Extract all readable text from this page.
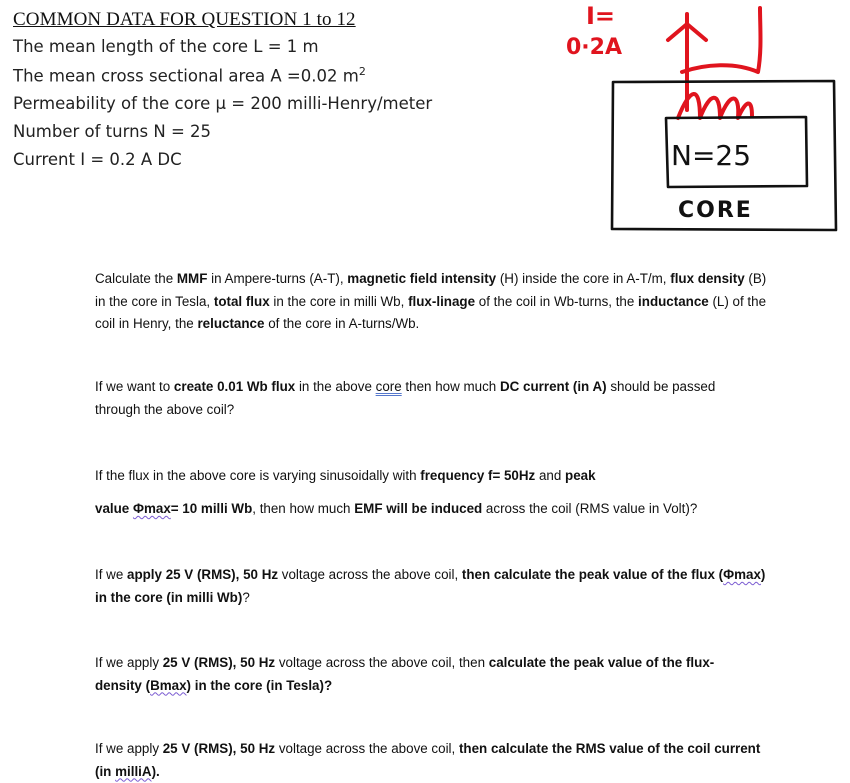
COMMON DATA FOR QUESTION 1 to 12
The mean length of the core L = 1 m
The mean cross sectional area A =0.02 $m^2$
Permeability of the core μ = 200 milli-Henry/meter
Number of turns N = 25
Current I = 0.2 A DC
I=
0·2A
N=25
CORE
Calculate the MMF in Ampere-turns (A-T), magnetic field intensity (H) inside the core in A-T/m, flux density (B) in the core in Tesla, total flux in the core in milli Wb, flux-linage of the coil in Wb-turns, the inductance (L) of the coil in Henry, the reluctance of the core in A-turns/Wb.
If we want to create 0.01 Wb flux in the above core then how much DC current (in A) should be passed through the above coil?
If the flux in the above core is varying sinusoidally with frequency f= 50Hz and peak
value Φmax= 10 milli Wb, then how much EMF will be induced across the coil (RMS value in Volt)?
If we apply 25 V (RMS), 50 Hz voltage across the above coil, then calculate the peak value of the flux (Φmax) in the core (in milli Wb)?
If we apply 25 V (RMS), 50 Hz voltage across the above coil, then calculate the peak value of the flux-density (Bmax) in the core (in Tesla)?
If we apply 25 V (RMS), 50 Hz voltage across the above coil, then calculate the RMS value of the coil current (in milliA).
